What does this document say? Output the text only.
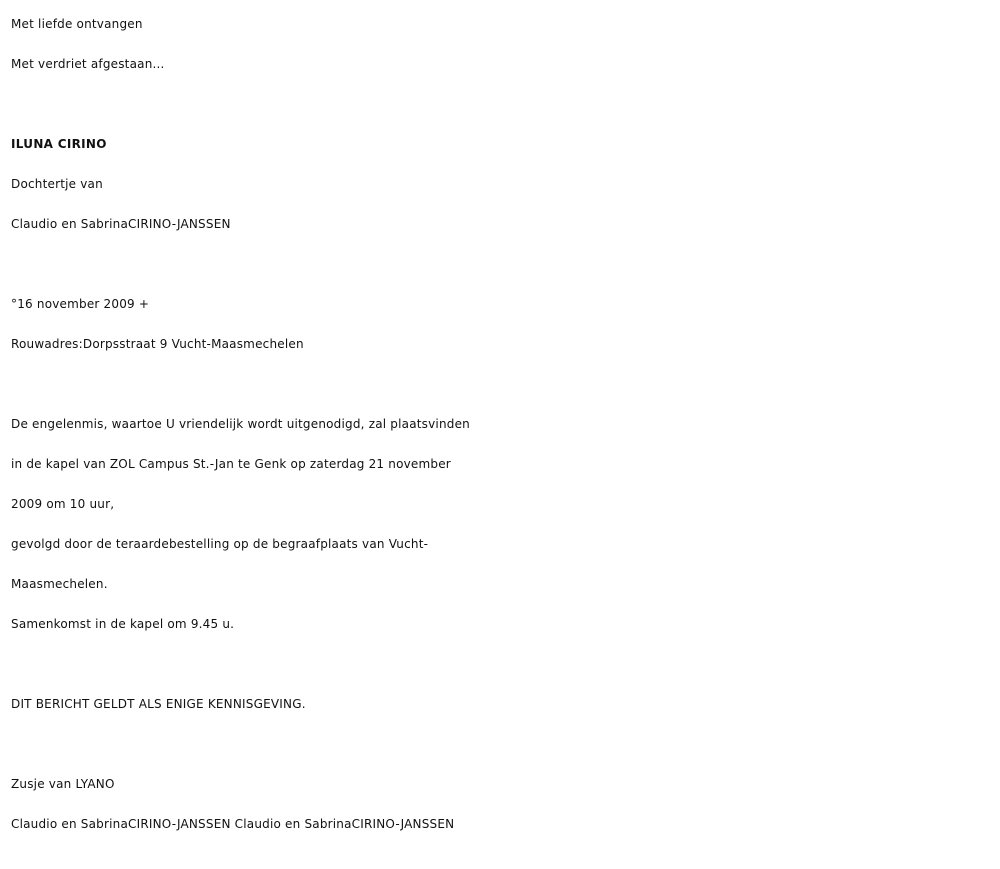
Met liefde ontvangen
Met verdriet afgestaan...
ILUNA CIRINO
Dochtertje van
Claudio en SabrinaCIRINO-JANSSEN
°16 november 2009 +
Rouwadres:Dorpsstraat 9 Vucht-Maasmechelen
De engelenmis, waartoe U vriendelijk wordt uitgenodigd, zal plaatsvinden
in de kapel van ZOL Campus St.-Jan te Genk op zaterdag 21 november
2009 om 10 uur,
gevolgd door de teraardebestelling op de begraafplaats van Vucht-
Maasmechelen.
Samenkomst in de kapel om 9.45 u.
DIT BERICHT GELDT ALS ENIGE KENNISGEVING.
Zusje van LYANO
Claudio en SabrinaCIRINO-JANSSEN Claudio en SabrinaCIRINO-JANSSEN
